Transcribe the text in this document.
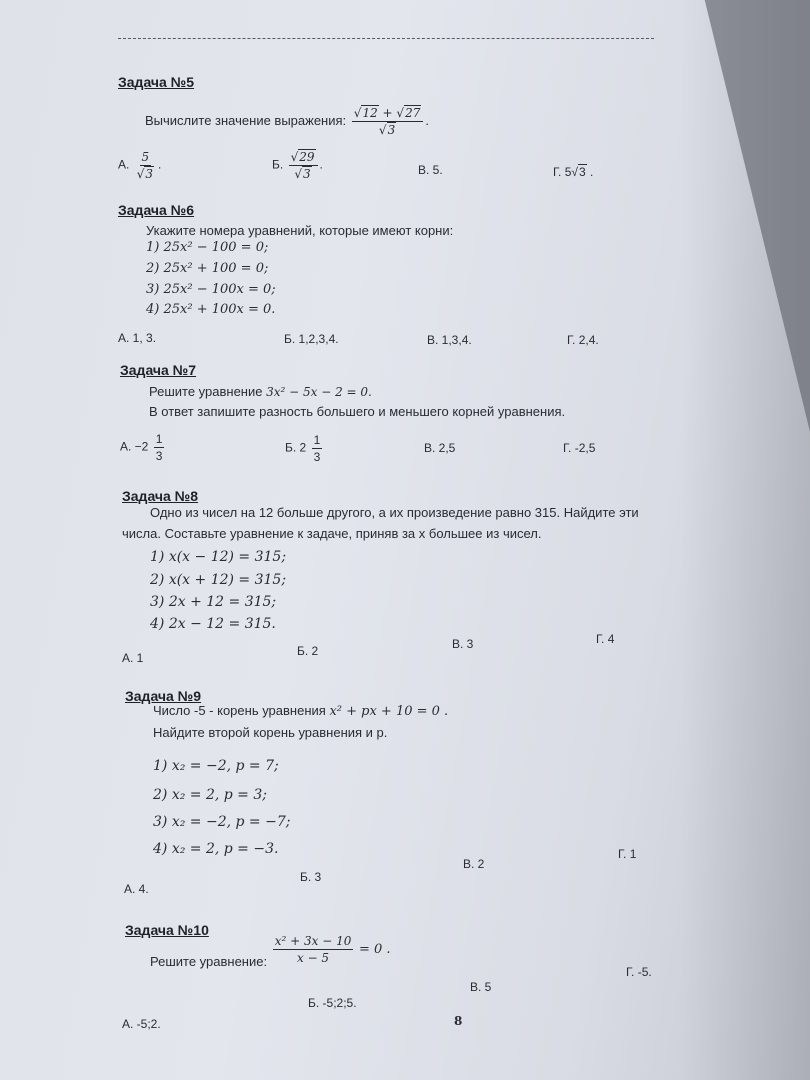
Задача №5
Вычислите значение выражения: $\frac{√12 + √27}{√3}$ .
А. $\frac{5}{√3}$ .	Б. $\frac{√29}{√3}$ .	В. 5.	Г. 5√3 .
Задача №6
Укажите номера уравнений, которые имеют корни:
1) 25x² − 100 = 0;
2) 25x² + 100 = 0;
3) 25x² − 100x = 0;
4) 25x² + 100x = 0.
А. 1, 3.	Б. 1,2,3,4.	В. 1,3,4.	Г. 2,4.
Задача №7
Решите уравнение 3x² − 5x − 2 = 0.
В ответ запишите разность большего и меньшего корней уравнения.
А. $-2 \frac{1}{3}$	Б. $2 \frac{1}{3}$	В. 2,5	Г. -2,5
Задача №8
Одно из чисел на 12 больше другого, а их произведение равно 315. Найдите эти
числа. Составьте уравнение к задаче, приняв за x большее из чисел.
1) x(x − 12) = 315;
2) x(x + 12) = 315;
3) 2x + 12 = 315;
4) 2x − 12 = 315.
А. 1	Б. 2	В. 3	Г. 4
Задача №9
Число -5 - корень уравнения x² + px + 10 = 0 .
Найдите второй корень уравнения и p.
1) x₂ = −2, p = 7;
2) x₂ = 2, p = 3;
3) x₂ = −2, p = −7;
4) x₂ = 2, p = −3.
А. 4.
Б. 3
В. 2
Г. 1
Задача №10
Решите уравнение: $\frac{\text{x² + 3x − 10}}{x - 5} = 0$ .
А. -5;2.
Б. -5;2;5.
В. 5
Г. -5.
8
